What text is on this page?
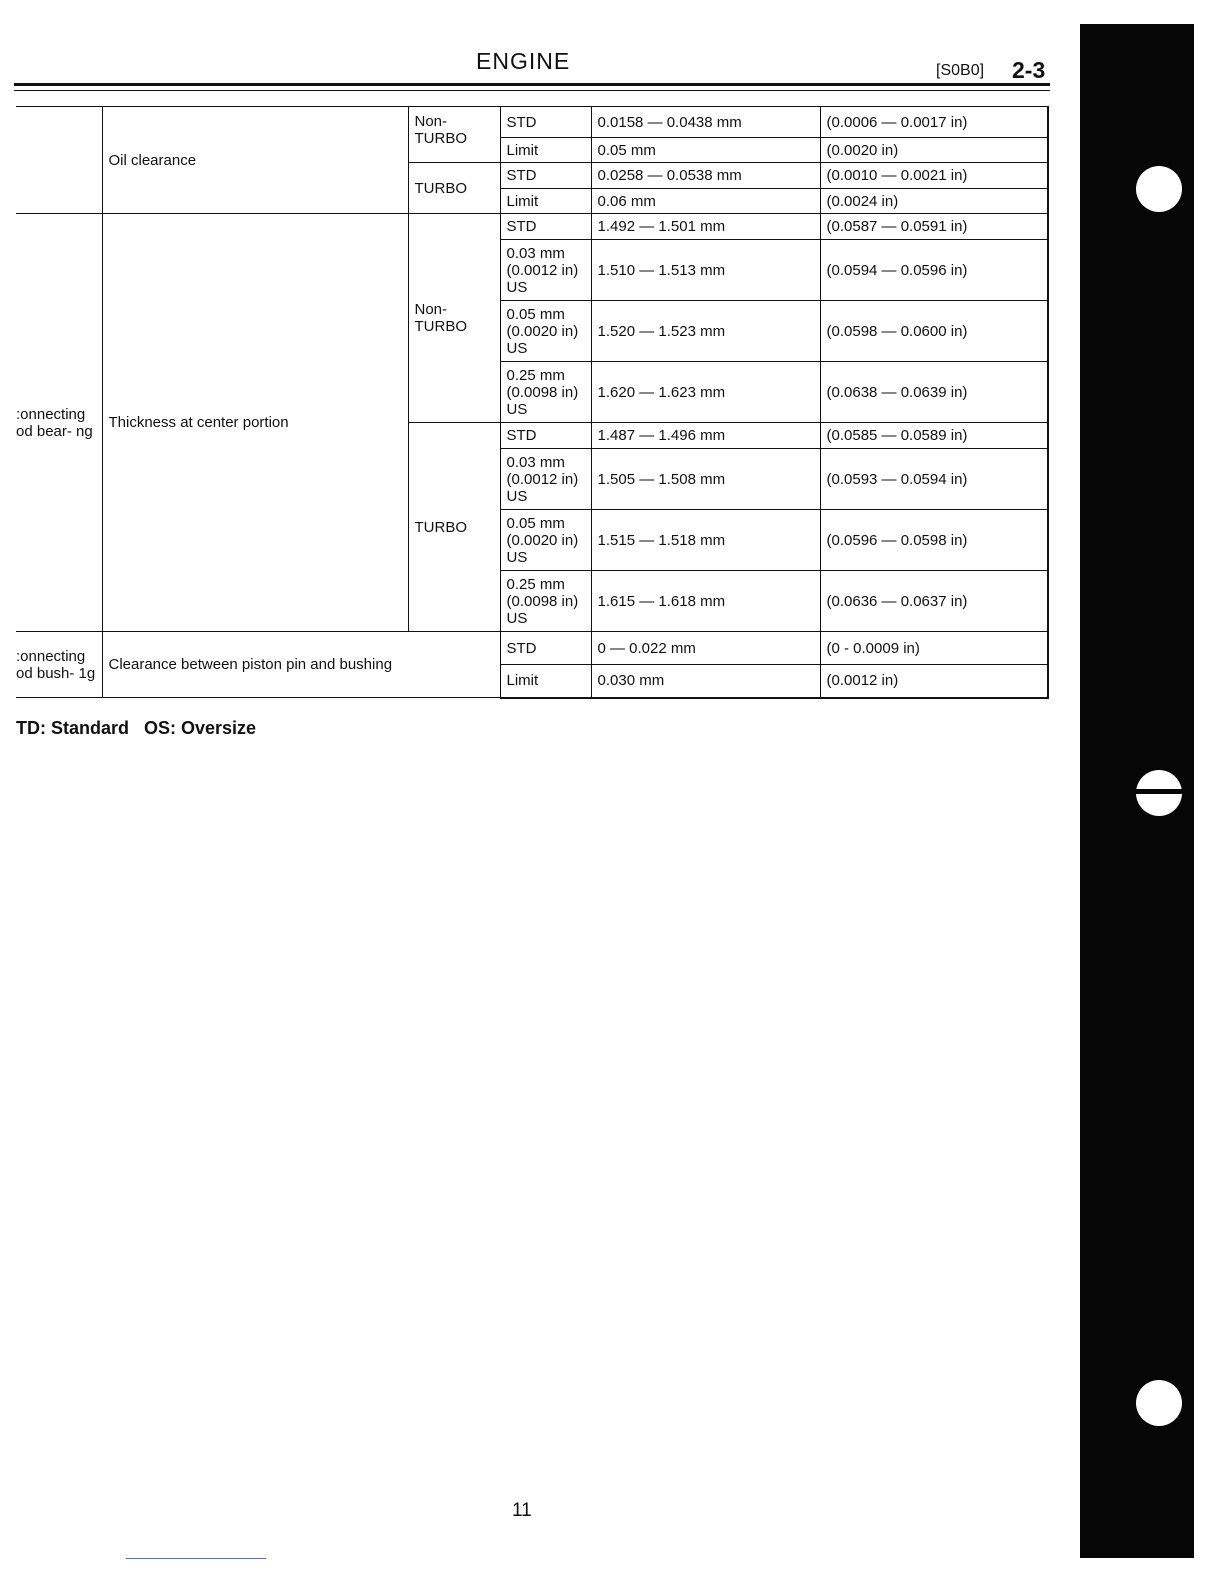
ENGINE	[S0B0] 2-3
	Oil clearance	Non-TURBO	STD	0.0158 — 0.0438 mm	(0.0006 — 0.0017 in)
			Limit	0.05 mm	(0.0020 in)
		TURBO	STD	0.0258 — 0.0538 mm	(0.0010 — 0.0021 in)
			Limit	0.06 mm	(0.0024 in)
:onnecting od bear- ng	Thickness at center portion	Non-TURBO	STD	1.492 — 1.501 mm	(0.0587 — 0.0591 in)
			0.03 mm (0.0012 in) US	1.510 — 1.513 mm	(0.0594 — 0.0596 in)
			0.05 mm (0.0020 in) US	1.520 — 1.523 mm	(0.0598 — 0.0600 in)
			0.25 mm (0.0098 in) US	1.620 — 1.623 mm	(0.0638 — 0.0639 in)
		TURBO	STD	1.487 — 1.496 mm	(0.0585 — 0.0589 in)
			0.03 mm (0.0012 in) US	1.505 — 1.508 mm	(0.0593 — 0.0594 in)
			0.05 mm (0.0020 in) US	1.515 — 1.518 mm	(0.0596 — 0.0598 in)
			0.25 mm (0.0098 in) US	1.615 — 1.618 mm	(0.0636 — 0.0637 in)
:onnecting od bush- 1g	Clearance between piston pin and bushing		STD	0 — 0.022 mm	(0 - 0.0009 in)
			Limit	0.030 mm	(0.0012 in)
TD: Standard   OS: Oversize
11
